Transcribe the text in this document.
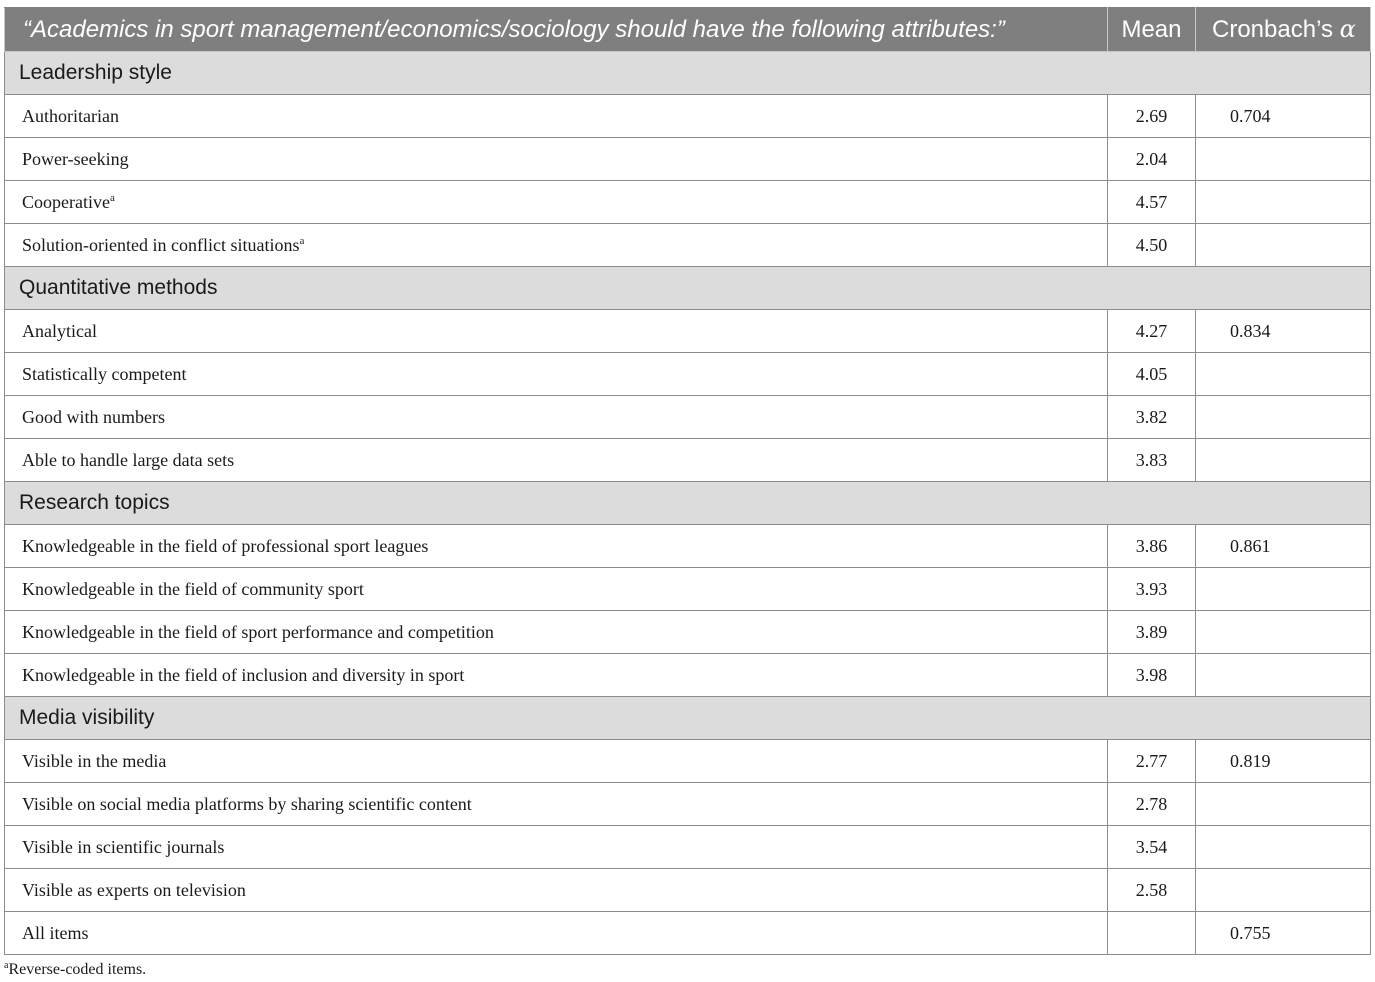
“Academics in sport management/economics/sociology should have the following attributes:”	Mean	Cronbach’s α
Leadership style		
Authoritarian	2.69	0.704
Power-seeking	2.04	
Cooperative$^a$	4.57	
Solution-oriented in conflict situations$^a$	4.50	
Quantitative methods		
Analytical	4.27	0.834
Statistically competent	4.05	
Good with numbers	3.82	
Able to handle large data sets	3.83	
Research topics		
Knowledgeable in the field of professional sport leagues	3.86	0.861
Knowledgeable in the field of community sport	3.93	
Knowledgeable in the field of sport performance and competition	3.89	
Knowledgeable in the field of inclusion and diversity in sport	3.98	
Media visibility		
Visible in the media	2.77	0.819
Visible on social media platforms by sharing scientific content	2.78	
Visible in scientific journals	3.54	
Visible as experts on television	2.58	
All items		0.755
$^a$Reverse-coded items.
